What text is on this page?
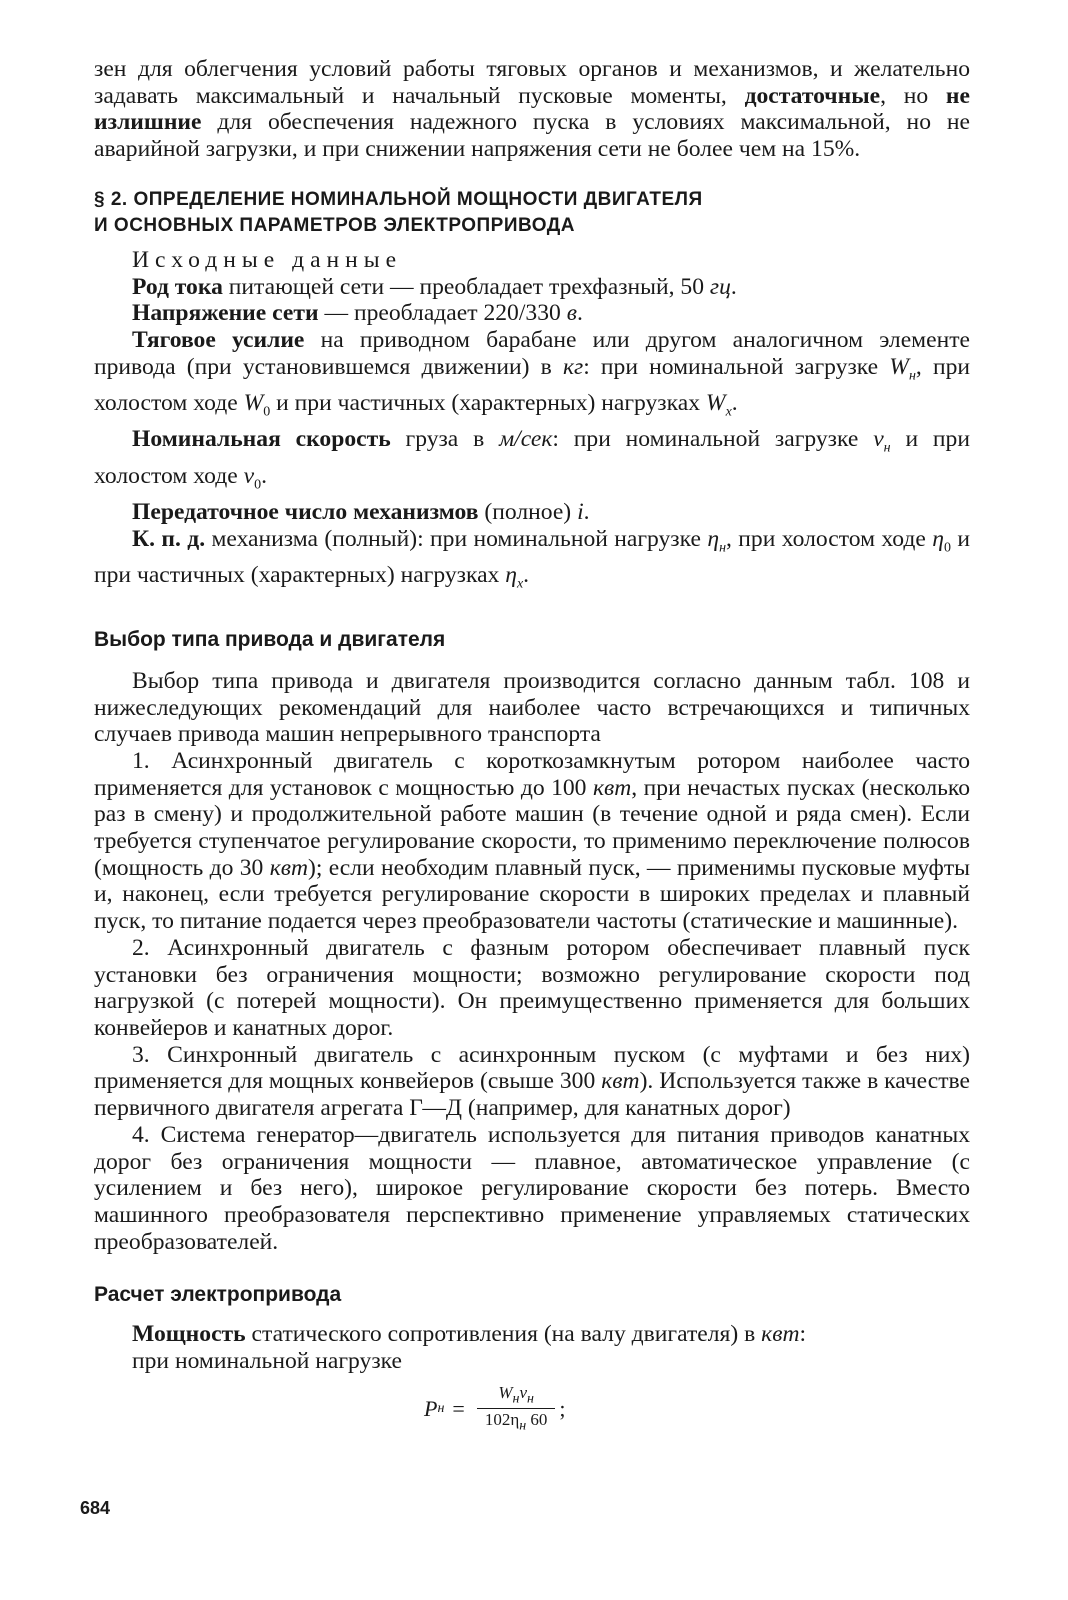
зен для облегчения условий работы тяговых органов и механизмов, и желательно задавать максимальный и начальный пусковые моменты, достаточные, но не излишние для обеспечения надежного пуска в условиях максимальной, но не аварийной загрузки, и при снижении напряжения сети не более чем на 15%.

§ 2. ОПРЕДЕЛЕНИЕ НОМИНАЛЬНОЙ МОЩНОСТИ ДВИГАТЕЛЯ
И ОСНОВНЫХ ПАРАМЕТРОВ ЭЛЕКТРОПРИВОДА

Исходные данные

Род тока питающей сети — преобладает трехфазный, 50 гц.

Напряжение сети — преобладает 220/330 в.

Тяговое усилие на приводном барабане или другом аналогичном элементе привода (при установившемся движении) в кг: при номинальной загрузке $W_н$, при холостом ходе $W_0$ и при частичных (характерных) нагрузках $W_x$.

Номинальная скорость груза в м/сек: при номинальной загрузке $v_н$ и при холостом ходе $v_0$.

Передаточное число механизмов (полное) i.

К. п. д. механизма (полный): при номинальной нагрузке $\eta_н$, при холостом ходе $\eta_0$ и при частичных (характерных) нагрузках $\eta_x$.

Выбор типа привода и двигателя

Выбор типа привода и двигателя производится согласно данным табл. 108 и нижеследующих рекомендаций для наиболее часто встречающихся и типичных случаев привода машин непрерывного транспорта

1. Асинхронный двигатель с короткозамкнутым ротором наиболее часто применяется для установок с мощностью до 100 квт, при нечастых пусках (несколько раз в смену) и продолжительной работе машин (в течение одной и ряда смен). Если требуется ступенчатое регулирование скорости, то применимо переключение полюсов (мощность до 30 квт); если необходим плавный пуск, — применимы пусковые муфты и, наконец, если требуется регулирование скорости в широких пределах и плавный пуск, то питание подается через преобразователи частоты (статические и машинные).

2. Асинхронный двигатель с фазным ротором обеспечивает плавный пуск установки без ограничения мощности; возможно регулирование скорости под нагрузкой (с потерей мощности). Он преимущественно применяется для больших конвейеров и канатных дорог.

3. Синхронный двигатель с асинхронным пуском (с муфтами и без них) применяется для мощных конвейеров (свыше 300 квт). Используется также в качестве первичного двигателя агрегата Г—Д (например, для канатных дорог)

4. Система генератор—двигатель используется для питания приводов канатных дорог без ограничения мощности — плавное, автоматическое управление (с усилением и без него), широкое регулирование скорости без потерь. Вместо машинного преобразователя перспективно применение управляемых статических преобразователей.

Расчет электропривода

Мощность статического сопротивления (на валу двигателя) в квт:

при номинальной нагрузке

P $н = \frac{W_нv_н}{102\eta_н 60}$ ;
684
